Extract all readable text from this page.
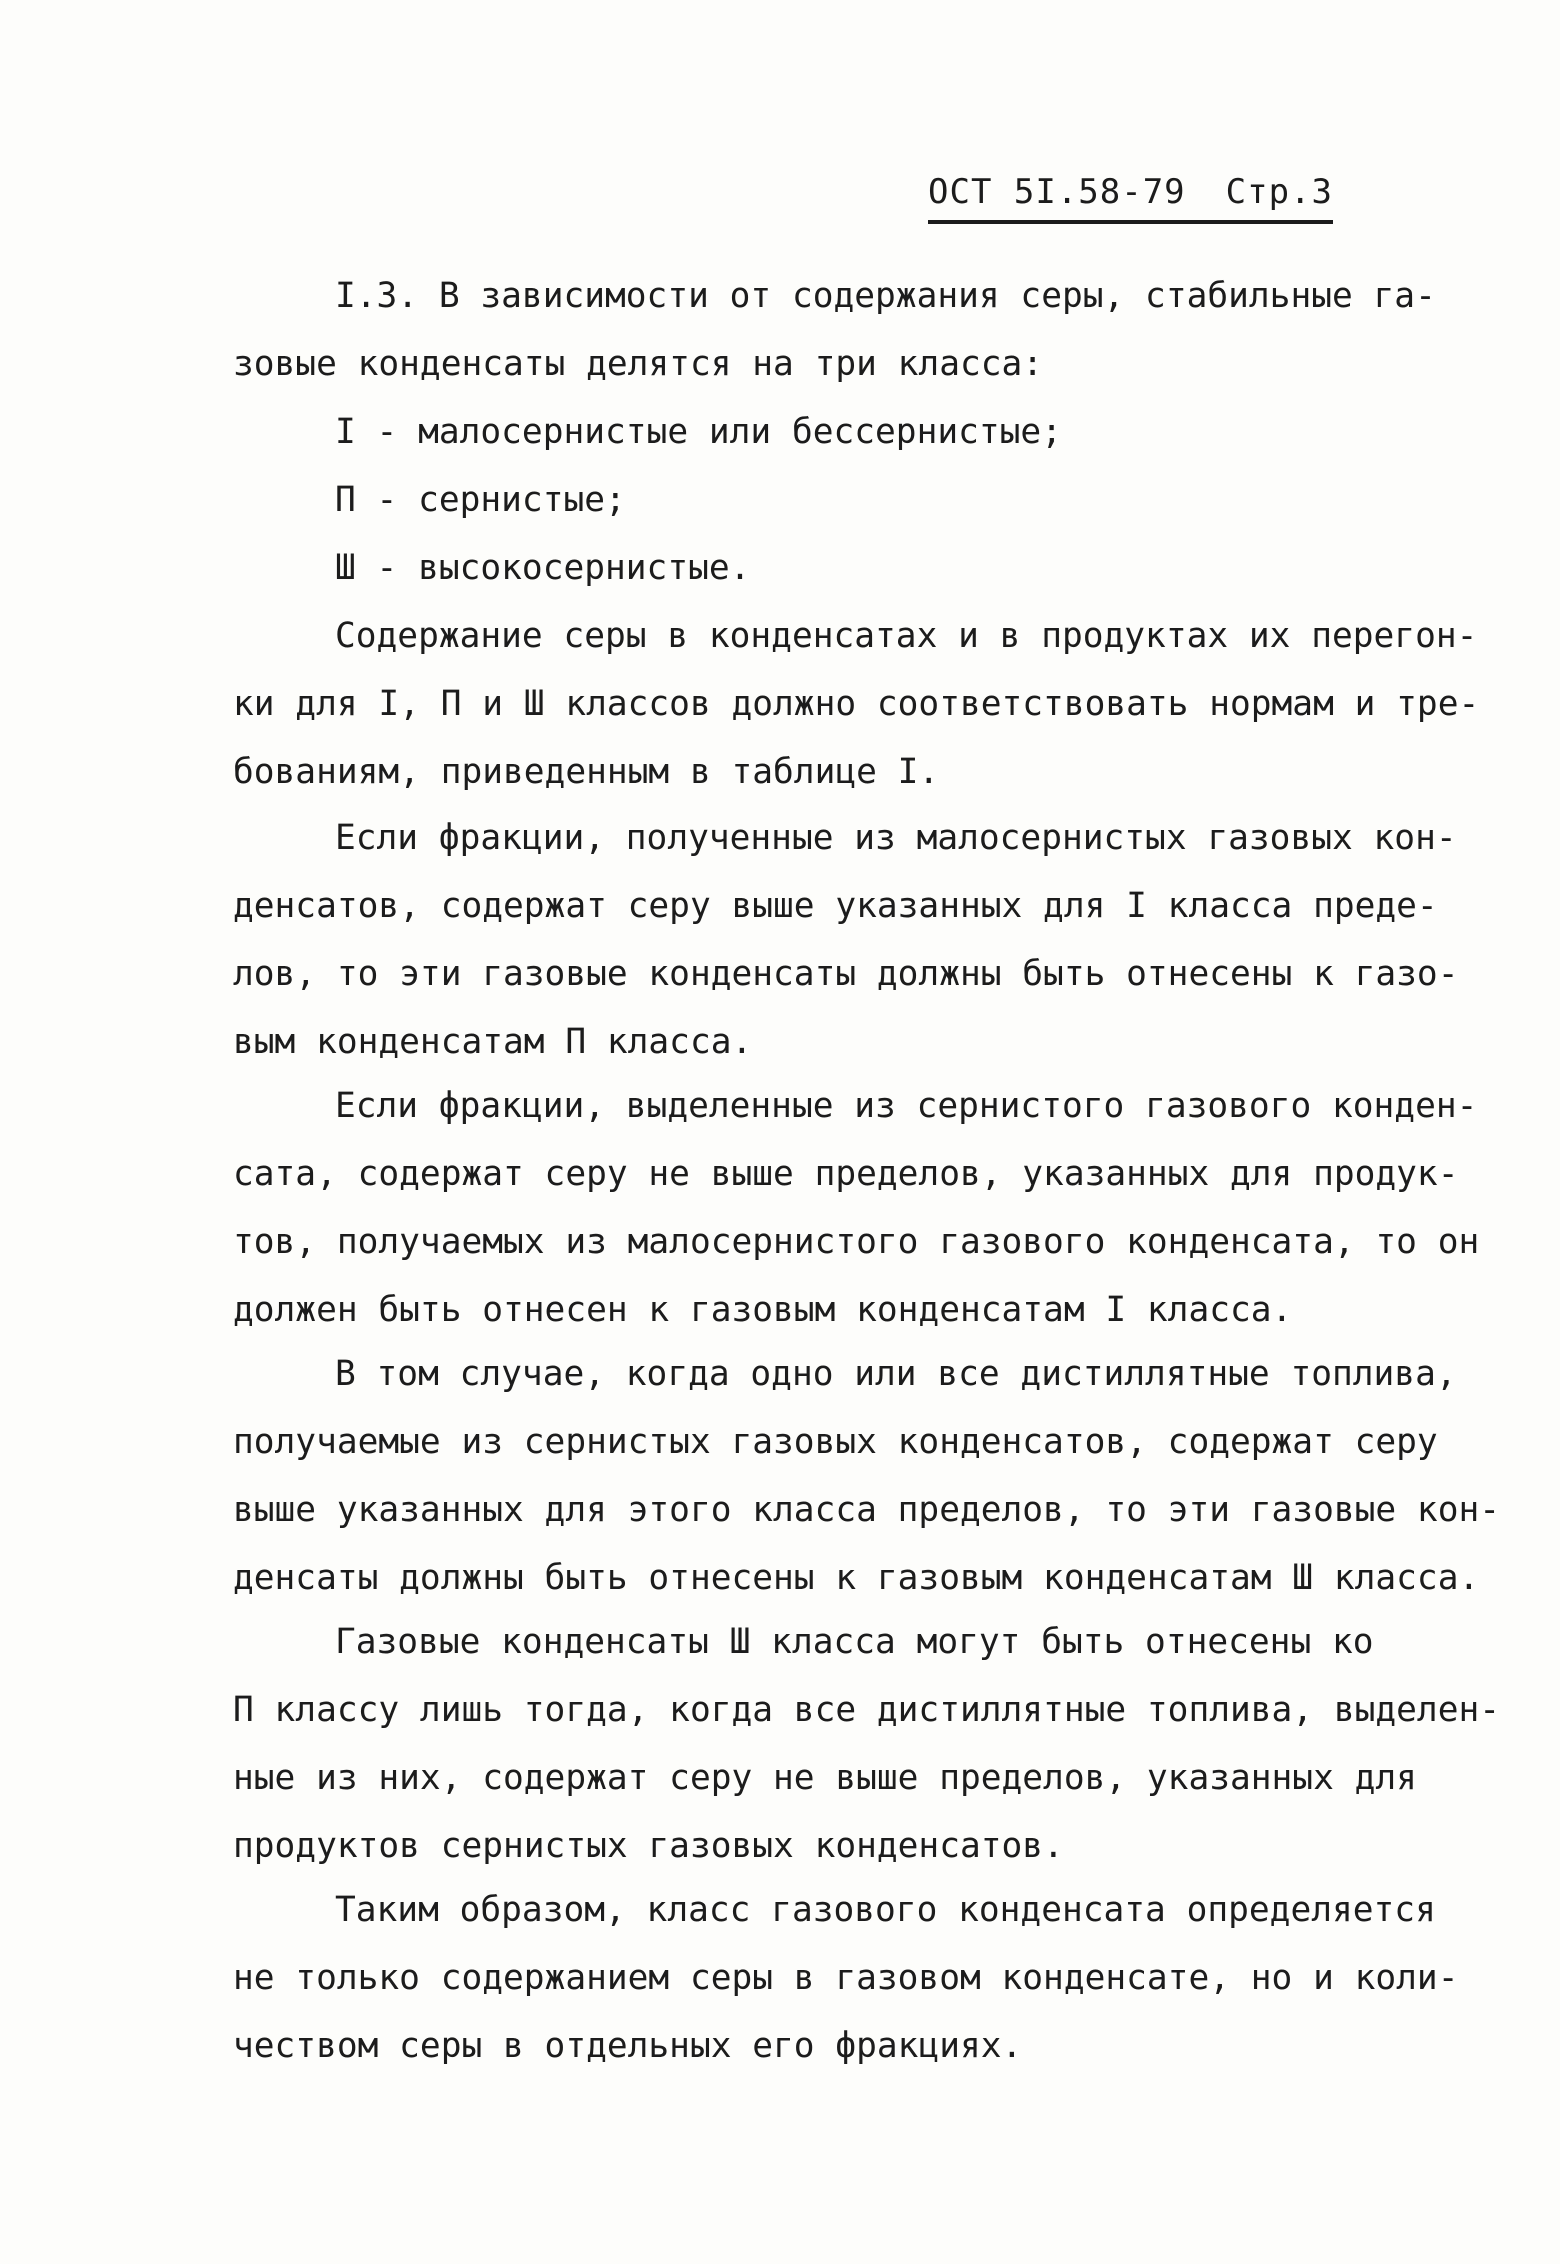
ОСТ 5I.58-79 Стр.3
I.3. В зависимости от содержания серы, стабильные га-
зовые конденсаты делятся на три класса:
I - малосернистые или бессернистые;
П - сернистые;
Ш - высокосернистые.
Содержание серы в конденсатах и в продуктах их перегон-
ки для I, П и Ш классов должно соответствовать нормам и тре-
бованиям, приведенным в таблице I.
Если фракции, полученные из малосернистых газовых кон-
денсатов, содержат серу выше указанных для I класса преде-
лов, то эти газовые конденсаты должны быть отнесены к газо-
вым конденсатам П класса.
Если фракции, выделенные из сернистого газового конден-
сата, содержат серу не выше пределов, указанных для продук-
тов, получаемых из малосернистого газового конденсата, то он
должен быть отнесен к газовым конденсатам I класса.
В том случае, когда одно или все дистиллятные топлива,
получаемые из сернистых газовых конденсатов, содержат серу
выше указанных для этого класса пределов, то эти газовые кон-
денсаты должны быть отнесены к газовым конденсатам Ш класса.
Газовые конденсаты Ш класса могут быть отнесены ко
П классу лишь тогда, когда все дистиллятные топлива, выделен-
ные из них, содержат серу не выше пределов, указанных для
продуктов сернистых газовых конденсатов.
Таким образом, класс газового конденсата определяется
не только содержанием серы в газовом конденсате, но и коли-
чеством серы в отдельных его фракциях.
